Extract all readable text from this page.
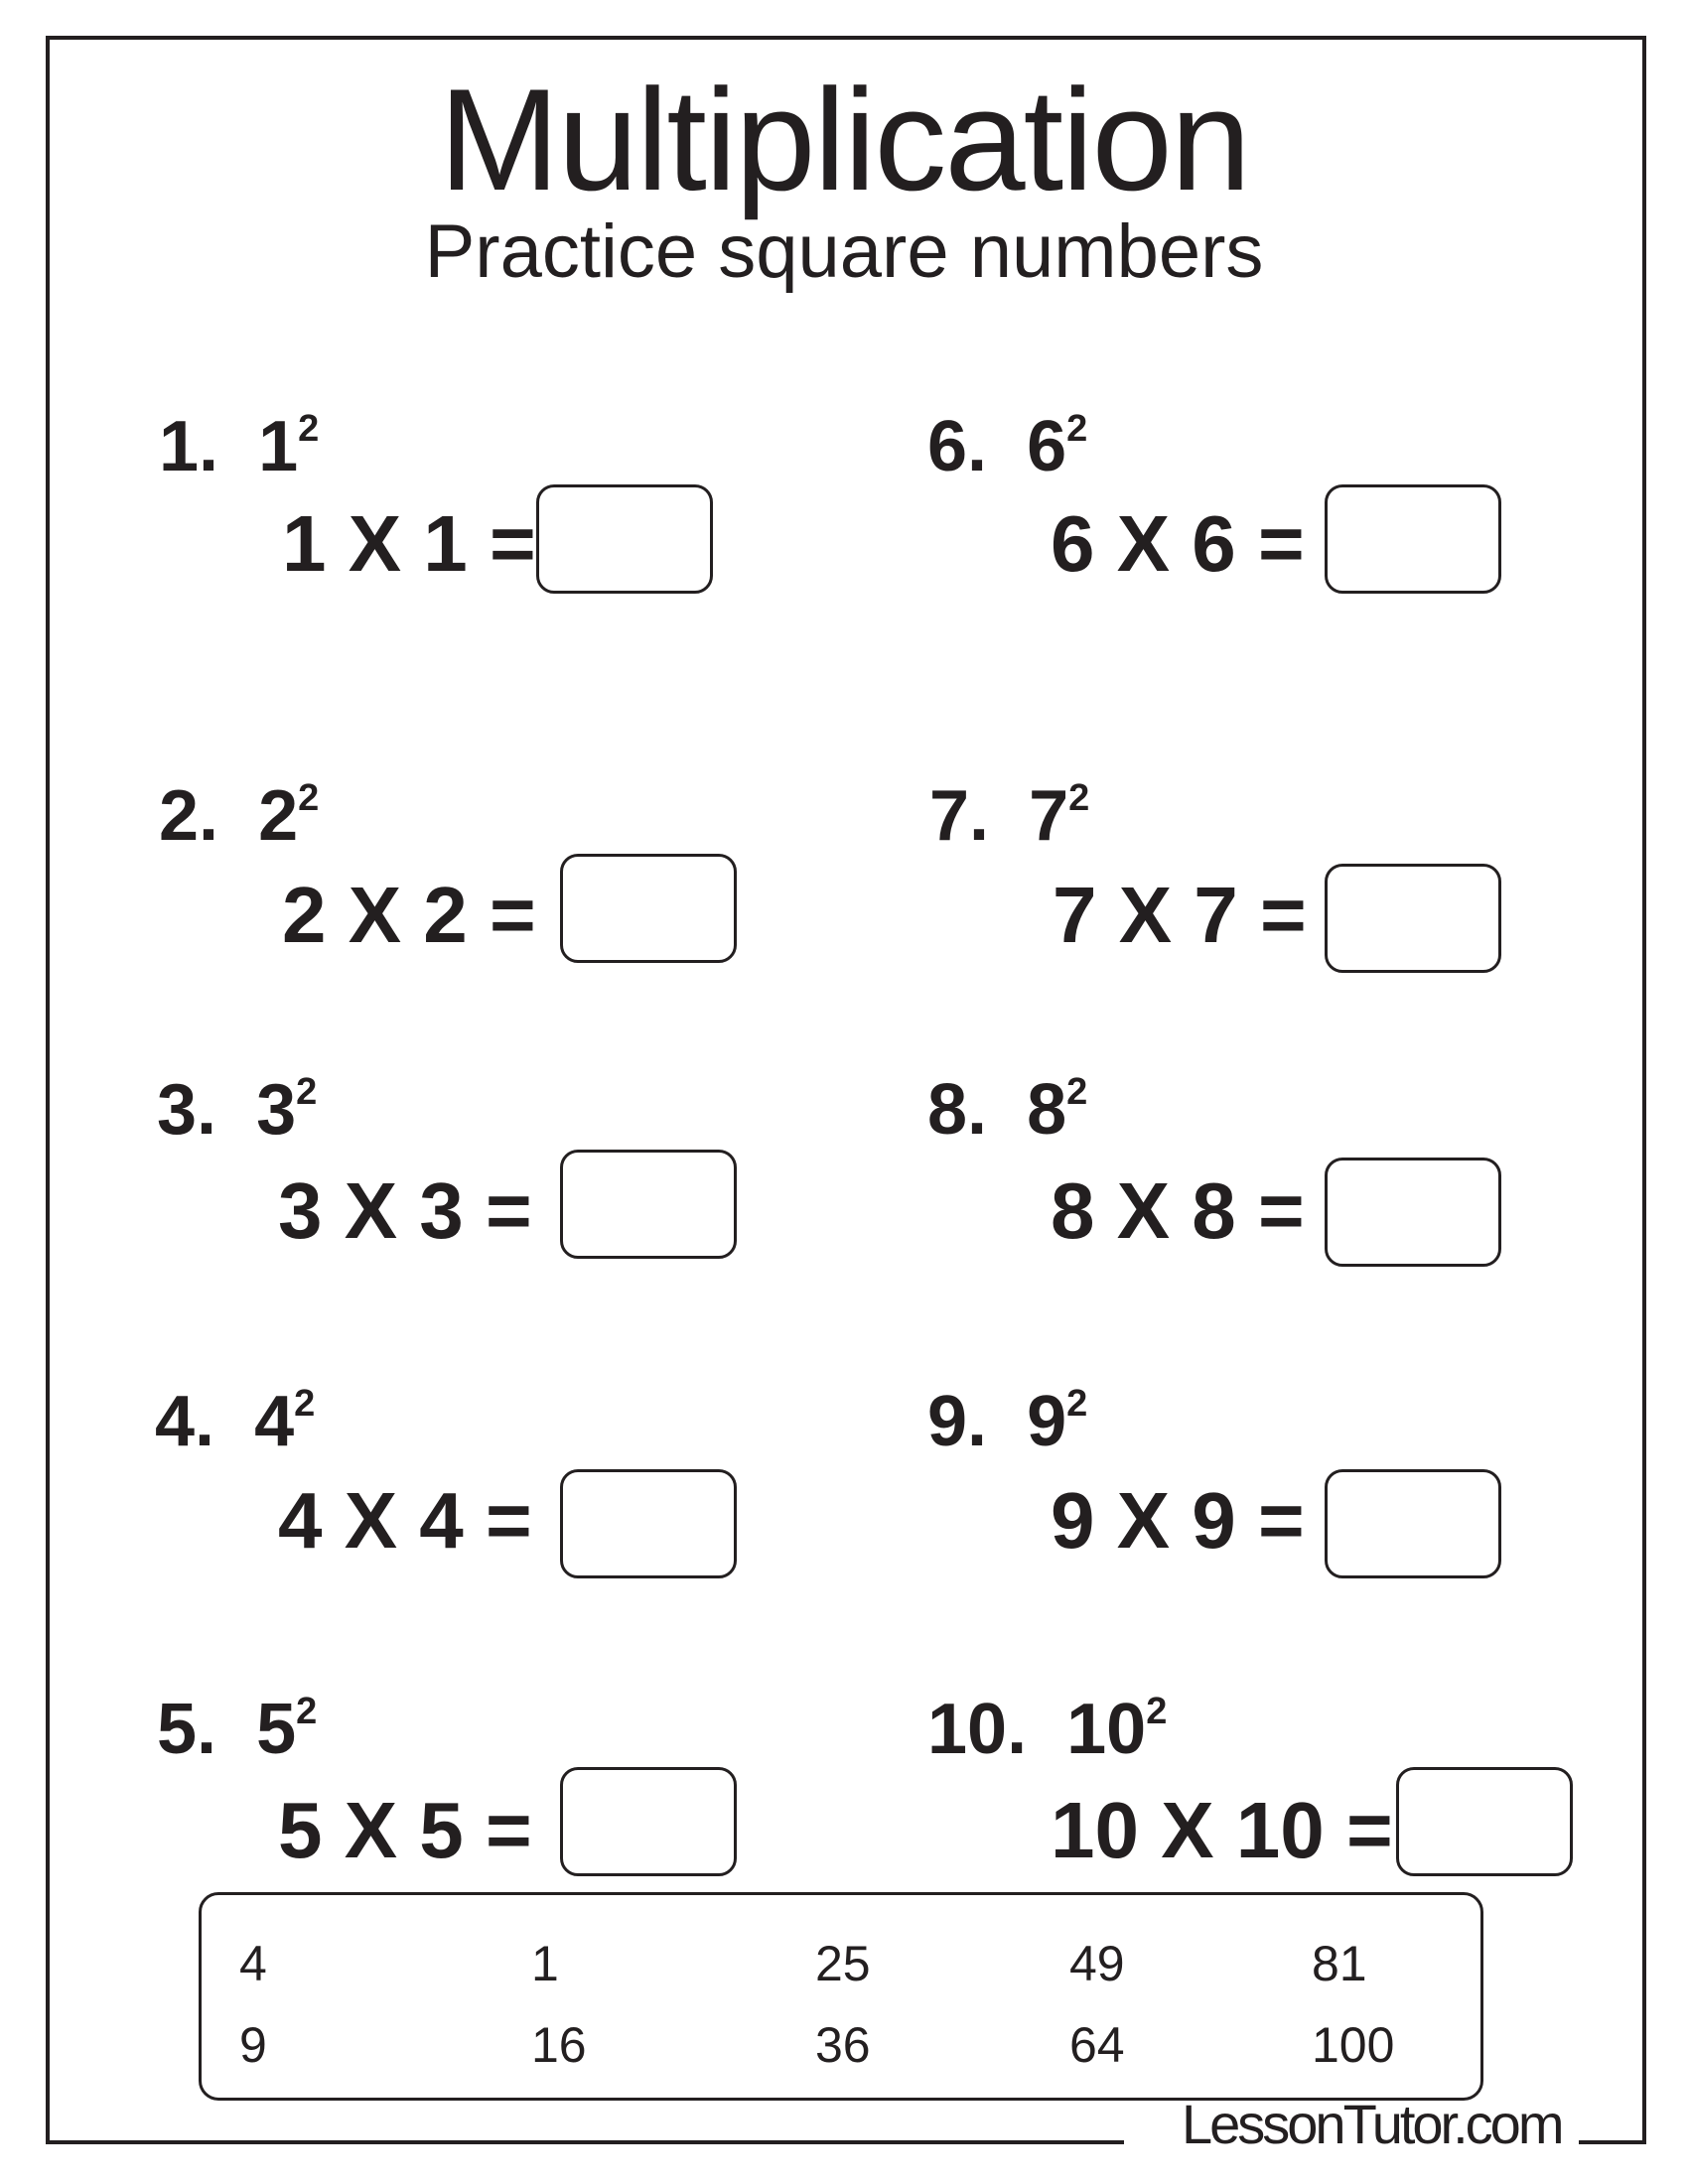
Multiplication
Practice square numbers
1. $1^2$
1 X 1 =
2. $2^2$
2 X 2 =
3. $3^2$
3 X 3 =
4. $4^2$
4 X 4 =
5. $5^2$
5 X 5 =
6. $6^2$
6 X 6 =
7. $7^2$
7 X 7 =
8. $8^2$
8 X 8 =
9. $9^2$
9 X 9 =
10. $10^2$
10 X 10 =
4	1	25	49	81
9	16	36	64	100
LessonTutor.com
